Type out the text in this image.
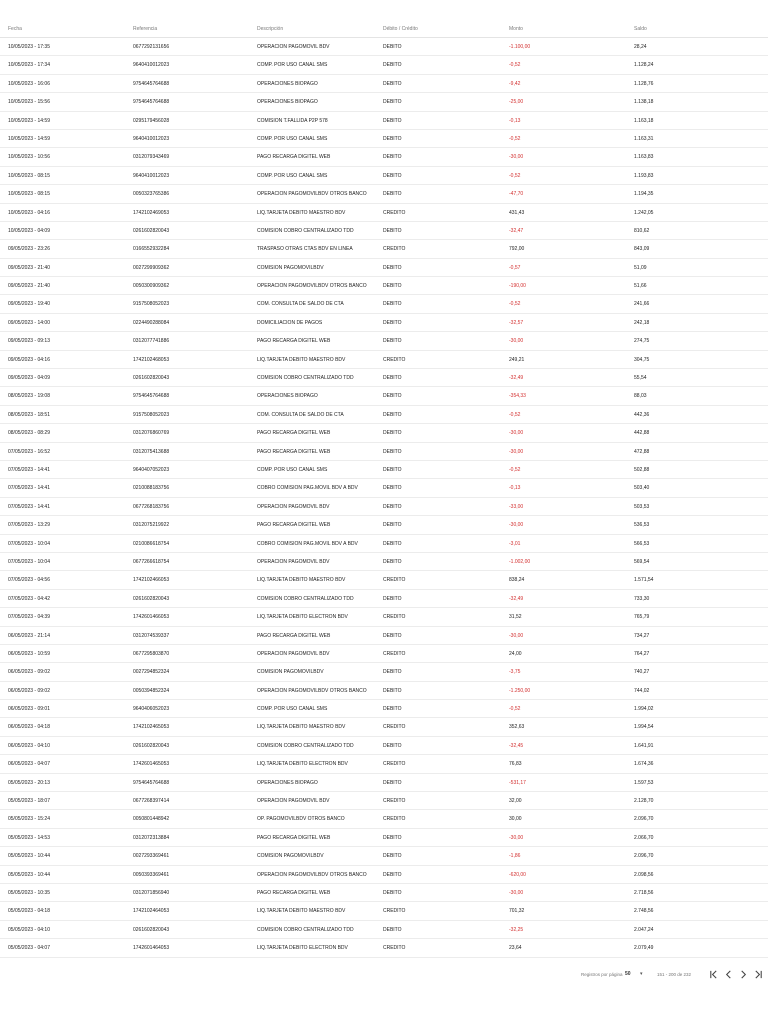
Fecha	Referencia	Descripción	Débito / Crédito	Monto	Saldo
10/05/2023 - 17:35	0677292131656	OPERACION PAGOMOVIL BDV	DEBITO	-1.100,00	28,24
10/05/2023 - 17:34	9640410012023	COMP. POR USO CANAL SMS	DEBITO	-0,52	1.128,24
10/05/2023 - 16:06	9754645764688	OPERACIONES BIOPAGO	DEBITO	-9,42	1.128,76
10/05/2023 - 15:56	9754645764688	OPERACIONES BIOPAGO	DEBITO	-25,00	1.138,18
10/05/2023 - 14:59	0295179456028	COMISION T.FALLIDA P2P 578	DEBITO	-0,13	1.163,18
10/05/2023 - 14:59	9640410012023	COMP. POR USO CANAL SMS	DEBITO	-0,52	1.163,31
10/05/2023 - 10:56	0312079343469	PAGO RECARGA DIGITEL WEB	DEBITO	-30,00	1.163,83
10/05/2023 - 08:15	9640410012023	COMP. POR USO CANAL SMS	DEBITO	-0,52	1.193,83
10/05/2023 - 08:15	0050323765386	OPERACION PAGOMOVILBDV OTROS BANCO	DEBITO	-47,70	1.194,35
10/05/2023 - 04:16	1742102469053	LIQ.TARJETA DEBITO MAESTRO BDV	CREDITO	431,43	1.242,05
10/05/2023 - 04:09	0261602820043	COMISION COBRO CENTRALIZADO TDD	DEBITO	-32,47	810,62
09/05/2023 - 23:26	0166552932284	TRASPASO OTRAS CTAS BDV EN LINEA	CREDITO	792,00	843,09
09/05/2023 - 21:40	0027299909362	COMISION PAGOMOVILBDV	DEBITO	-0,57	51,09
09/05/2023 - 21:40	0050300909362	OPERACION PAGOMOVILBDV OTROS BANCO	DEBITO	-190,00	51,66
09/05/2023 - 19:40	9157508052023	COM. CONSULTA DE SALDO DE CTA	DEBITO	-0,52	241,66
09/05/2023 - 14:00	0224490288084	DOMICILIACION DE PAGOS	DEBITO	-32,57	242,18
09/05/2023 - 09:13	0312077741886	PAGO RECARGA DIGITEL WEB	DEBITO	-30,00	274,75
09/05/2023 - 04:16	1742102468053	LIQ.TARJETA DEBITO MAESTRO BDV	CREDITO	249,21	304,75
09/05/2023 - 04:09	0261602820043	COMISION COBRO CENTRALIZADO TDD	DEBITO	-32,49	55,54
08/05/2023 - 19:08	9754645764688	OPERACIONES BIOPAGO	DEBITO	-354,33	88,03
08/05/2023 - 18:51	9157508052023	COM. CONSULTA DE SALDO DE CTA	DEBITO	-0,52	442,36
08/05/2023 - 08:29	0312076860769	PAGO RECARGA DIGITEL WEB	DEBITO	-30,00	442,88
07/05/2023 - 16:52	0312075413688	PAGO RECARGA DIGITEL WEB	DEBITO	-30,00	472,88
07/05/2023 - 14:41	9640407052023	COMP. POR USO CANAL SMS	DEBITO	-0,52	502,88
07/05/2023 - 14:41	0210088183756	COBRO COMISION PAG.MOVIL BDV A BDV	DEBITO	-0,13	503,40
07/05/2023 - 14:41	0677268183756	OPERACION PAGOMOVIL BDV	DEBITO	-33,00	503,53
07/05/2023 - 13:29	0312075219922	PAGO RECARGA DIGITEL WEB	DEBITO	-30,00	536,53
07/05/2023 - 10:04	0210086618754	COBRO COMISION PAG.MOVIL BDV A BDV	DEBITO	-3,01	566,53
07/05/2023 - 10:04	0677266618754	OPERACION PAGOMOVIL BDV	DEBITO	-1.002,00	569,54
07/05/2023 - 04:56	1742102466053	LIQ.TARJETA DEBITO MAESTRO BDV	CREDITO	838,24	1.571,54
07/05/2023 - 04:42	0261602820043	COMISION COBRO CENTRALIZADO TDD	DEBITO	-32,49	733,30
07/05/2023 - 04:39	1742601466053	LIQ.TARJETA DEBITO ELECTRON BDV	CREDITO	31,52	765,79
06/05/2023 - 21:14	0312074539337	PAGO RECARGA DIGITEL WEB	DEBITO	-30,00	734,27
06/05/2023 - 10:59	0677295803870	OPERACION PAGOMOVIL BDV	CREDITO	24,00	764,27
06/05/2023 - 09:02	0027294852324	COMISION PAGOMOVILBDV	DEBITO	-3,75	740,27
06/05/2023 - 09:02	0050394852324	OPERACION PAGOMOVILBDV OTROS BANCO	DEBITO	-1.250,00	744,02
06/05/2023 - 09:01	9640406052023	COMP. POR USO CANAL SMS	DEBITO	-0,52	1.994,02
06/05/2023 - 04:18	1742102465053	LIQ.TARJETA DEBITO MAESTRO BDV	CREDITO	352,63	1.994,54
06/05/2023 - 04:10	0261602820043	COMISION COBRO CENTRALIZADO TDD	DEBITO	-32,45	1.641,91
06/05/2023 - 04:07	1742601465053	LIQ.TARJETA DEBITO ELECTRON BDV	CREDITO	76,83	1.674,36
05/05/2023 - 20:13	9754645764688	OPERACIONES BIOPAGO	DEBITO	-531,17	1.597,53
05/05/2023 - 18:07	0677268397414	OPERACION PAGOMOVIL BDV	CREDITO	32,00	2.128,70
05/05/2023 - 15:24	0050801448942	OP. PAGOMOVILBDV OTROS BANCO	CREDITO	30,00	2.096,70
05/05/2023 - 14:53	0312072313884	PAGO RECARGA DIGITEL WEB	DEBITO	-30,00	2.066,70
05/05/2023 - 10:44	0027293369461	COMISION PAGOMOVILBDV	DEBITO	-1,86	2.096,70
05/05/2023 - 10:44	0050393369461	OPERACION PAGOMOVILBDV OTROS BANCO	DEBITO	-620,00	2.098,56
05/05/2023 - 10:35	0312071856940	PAGO RECARGA DIGITEL WEB	DEBITO	-30,00	2.718,56
05/05/2023 - 04:18	1742102464053	LIQ.TARJETA DEBITO MAESTRO BDV	CREDITO	701,32	2.748,56
05/05/2023 - 04:10	0261602820043	COMISION COBRO CENTRALIZADO TDD	DEBITO	-32,25	2.047,24
05/05/2023 - 04:07	1742601464053	LIQ.TARJETA DEBITO ELECTRON BDV	CREDITO	23,64	2.079,49
Registros por página 50 ▾	151 - 200 de 232
